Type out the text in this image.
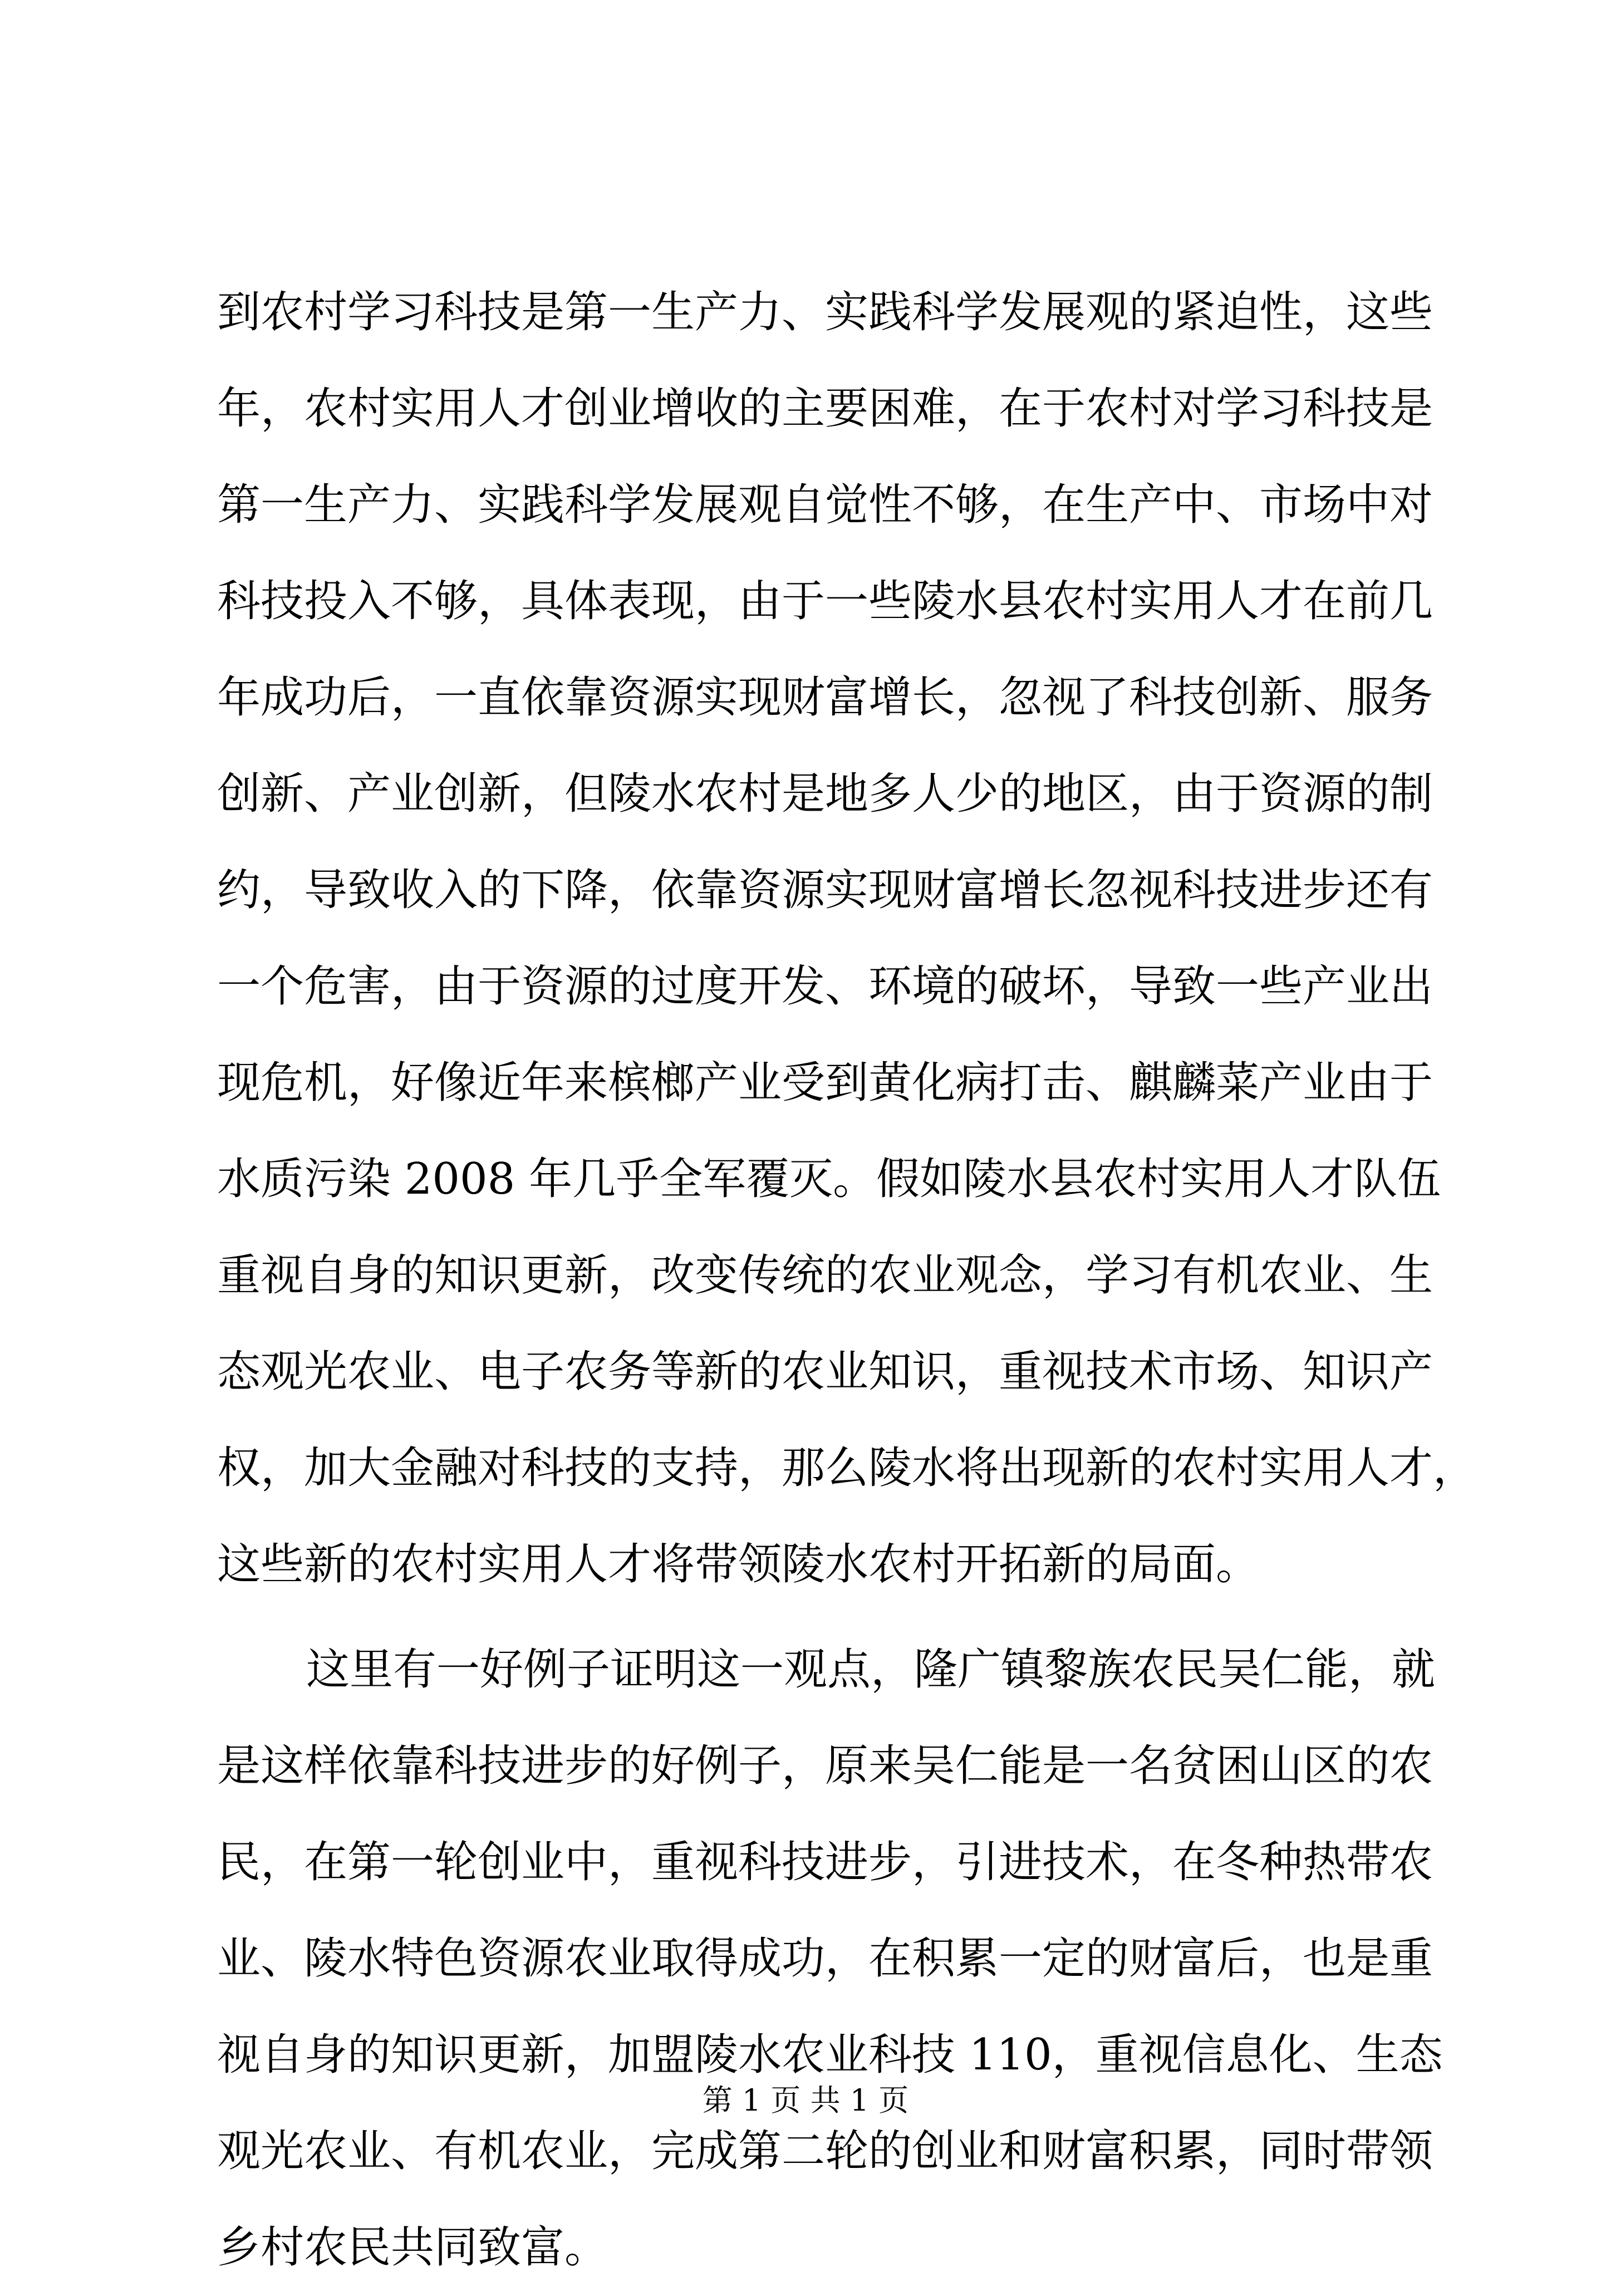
到农村学习科技是第一生产力、实践科学发展观的紧迫性，这些
年，农村实用人才创业增收的主要困难，在于农村对学习科技是
第一生产力、实践科学发展观自觉性不够，在生产中、市场中对
科技投入不够，具体表现，由于一些陵水县农村实用人才在前几
年成功后，一直依靠资源实现财富增长，忽视了科技创新、服务
创新、产业创新，但陵水农村是地多人少的地区，由于资源的制
约，导致收入的下降，依靠资源实现财富增长忽视科技进步还有
一个危害，由于资源的过度开发、环境的破坏，导致一些产业出
现危机，好像近年来槟榔产业受到黄化病打击、麒麟菜产业由于
水质污染 2008 年几乎全军覆灭。假如陵水县农村实用人才队伍
重视自身的知识更新，改变传统的农业观念，学习有机农业、生
态观光农业、电子农务等新的农业知识，重视技术市场、知识产
权，加大金融对科技的支持，那么陵水将出现新的农村实用人才，
这些新的农村实用人才将带领陵水农村开拓新的局面。
这里有一好例子证明这一观点，隆广镇黎族农民吴仁能，就
是这样依靠科技进步的好例子，原来吴仁能是一名贫困山区的农
民，在第一轮创业中，重视科技进步，引进技术，在冬种热带农
业、陵水特色资源农业取得成功，在积累一定的财富后，也是重
视自身的知识更新，加盟陵水农业科技 110，重视信息化、生态
观光农业、有机农业，完成第二轮的创业和财富积累，同时带领
乡村农民共同致富。
第 1 页 共 1 页
